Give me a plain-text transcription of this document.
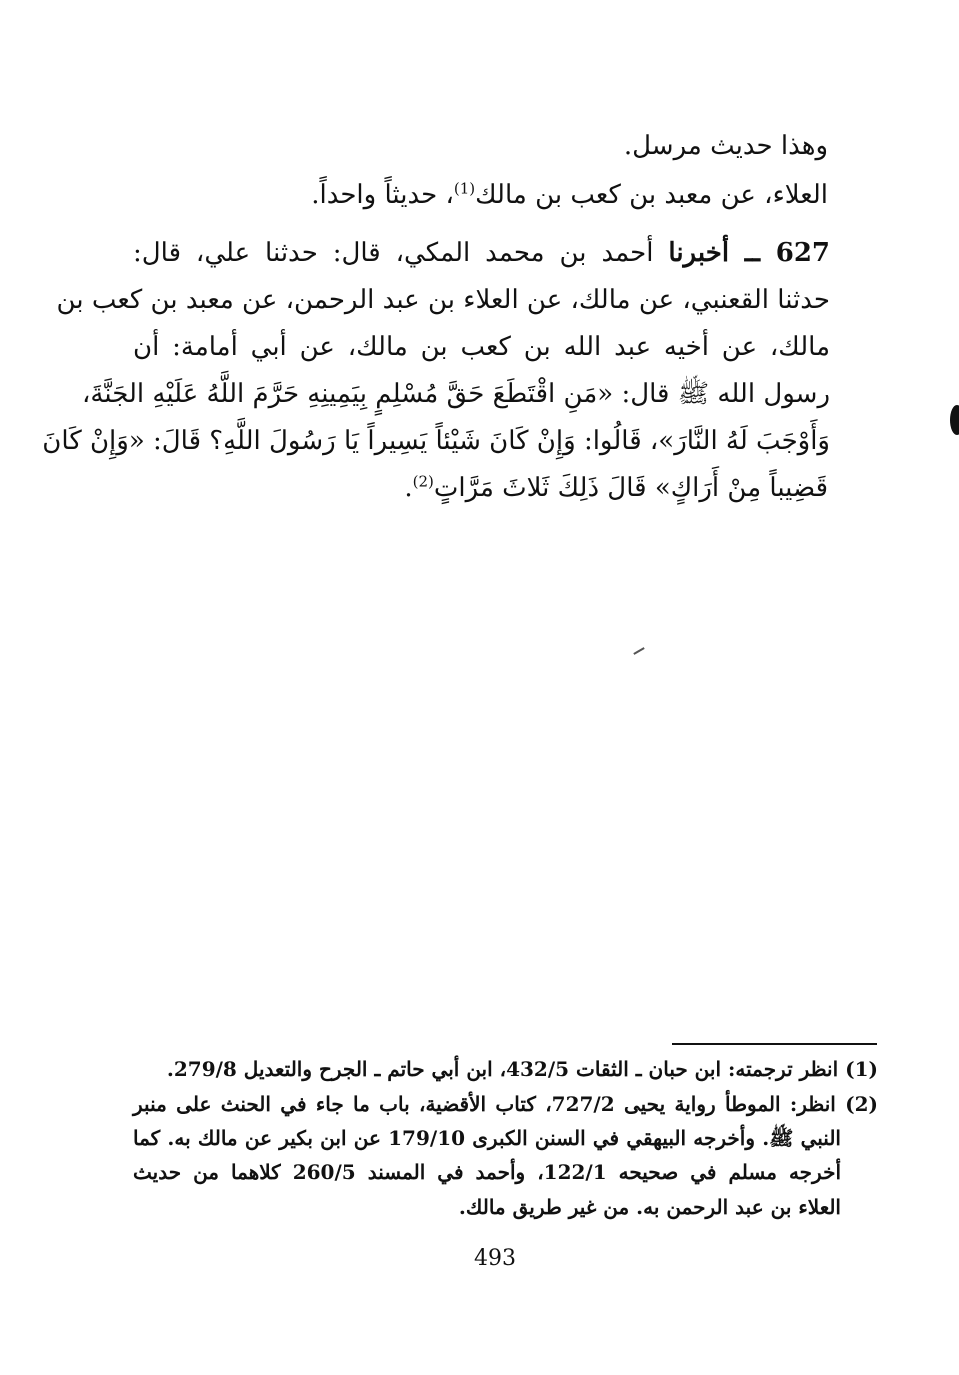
وهذا حديث مرسل.
العلاء، عن معبد بن كعب بن مالك$^{(1)}$، حديثاً واحداً.
627 ــ أخبرنا أحمد بن محمد المكي، قال: حدثنا علي، قال:
حدثنا القعنبي، عن مالك، عن العلاء بن عبد الرحمن، عن معبد بن كعب بن
مالك، عن أخيه عبد الله بن كعب بن مالك، عن أبي أمامة: أن
رسول الله ﷺ قال: «مَنِ اقْتَطَعَ حَقَّ مُسْلِمٍ بِيَمِينِهِ حَرَّمَ اللَّهُ عَلَيْهِ الجَنَّةَ،
وَأَوْجَبَ لَهُ النَّارَ»، قَالُوا: وَإِنْ كَانَ شَيْئاً يَسِيراً يَا رَسُولَ اللَّهِ؟ قَالَ: «وَإِنْ كَانَ
قَضِيباً مِنْ أَرَاكٍ» قَالَ ذَلِكَ ثَلاثَ مَرَّاتٍ$^{(2)}$.
(1) انظر ترجمته: ابن حبان ـ الثقات 432/5، ابن أبي حاتم ـ الجرح والتعديل 279/8.
(2) انظر: الموطأ رواية يحيى 727/2، كتاب الأقضية، باب ما جاء في الحنث على منبر
النبي ﷺ. وأخرجه البيهقي في السنن الكبرى 179/10 عن ابن بكير عن مالك به. كما
أخرجه مسلم في صحيحه 122/1، وأحمد في المسند 260/5 كلاهما من حديث
العلاء بن عبد الرحمن به. من غير طريق مالك.
493
